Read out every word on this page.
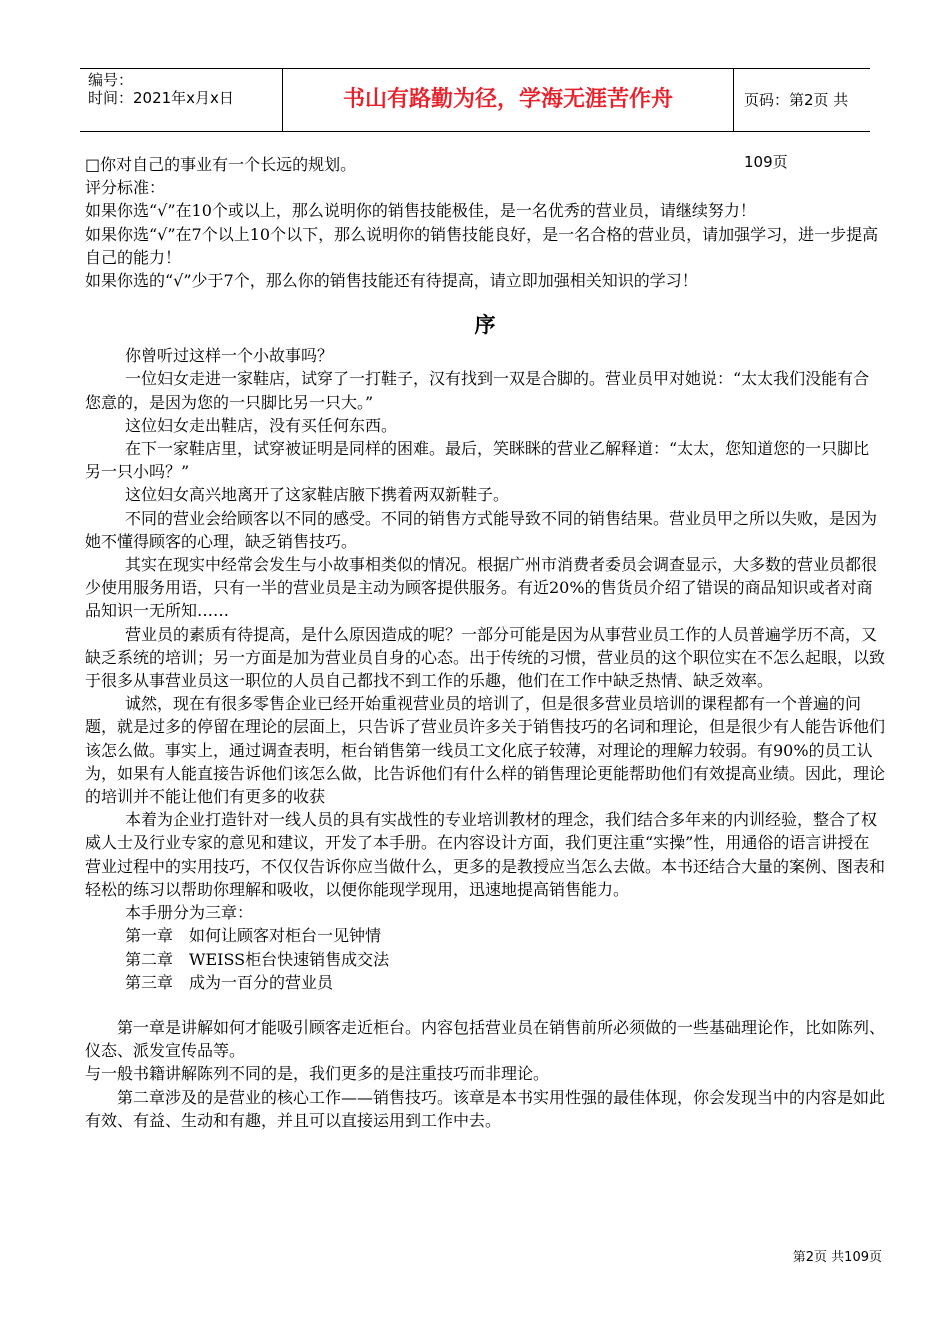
编号：
时间：2021年x月x日	书山有路勤为径，学海无涯苦作舟	页码：第2页 共109页

□你对自己的事业有一个长远的规划。

评分标准：

如果你选“√”在10个或以上，那么说明你的销售技能极佳，是一名优秀的营业员，请继续努力！

如果你选“√”在7个以上10个以下，那么说明你的销售技能良好，是一名合格的营业员，请加强学习，进一步提高自己的能力！

如果你选的“√”少于7个，那么你的销售技能还有待提高，请立即加强相关知识的学习！

序

你曾听过这样一个小故事吗？

一位妇女走进一家鞋店，试穿了一打鞋子，汉有找到一双是合脚的。营业员甲对她说：“太太我们没能有合您意的，是因为您的一只脚比另一只大。”

这位妇女走出鞋店，没有买任何东西。

在下一家鞋店里，试穿被证明是同样的困难。最后，笑眯眯的营业乙解释道：“太太，您知道您的一只脚比另一只小吗？”

这位妇女高兴地离开了这家鞋店腋下携着两双新鞋子。

不同的营业会给顾客以不同的感受。不同的销售方式能导致不同的销售结果。营业员甲之所以失败，是因为她不懂得顾客的心理，缺乏销售技巧。

其实在现实中经常会发生与小故事相类似的情况。根据广州市消费者委员会调查显示，大多数的营业员都很少使用服务用语，只有一半的营业员是主动为顾客提供服务。有近20%的售货员介绍了错误的商品知识或者对商品知识一无所知……

营业员的素质有待提高，是什么原因造成的呢？一部分可能是因为从事营业员工作的人员普遍学历不高，又缺乏系统的培训；另一方面是加为营业员自身的心态。出于传统的习惯，营业员的这个职位实在不怎么起眼，以致于很多从事营业员这一职位的人员自己都找不到工作的乐趣，他们在工作中缺乏热情、缺乏效率。

诚然，现在有很多零售企业已经开始重视营业员的培训了，但是很多营业员培训的课程都有一个普遍的问题，就是过多的停留在理论的层面上，只告诉了营业员许多关于销售技巧的名词和理论，但是很少有人能告诉他们该怎么做。事实上，通过调查表明，柜台销售第一线员工文化底子较薄，对理论的理解力较弱。有90%的员工认为，如果有人能直接告诉他们该怎么做，比告诉他们有什么样的销售理论更能帮助他们有效提高业绩。因此，理论的培训并不能让他们有更多的收获

本着为企业打造针对一线人员的具有实战性的专业培训教材的理念，我们结合多年来的内训经验，整合了权威人士及行业专家的意见和建议，开发了本手册。在内容设计方面，我们更注重“实操”性，用通俗的语言讲授在营业过程中的实用技巧，不仅仅告诉你应当做什么，更多的是教授应当怎么去做。本书还结合大量的案例、图表和轻松的练习以帮助你理解和吸收，以便你能现学现用，迅速地提高销售能力。

本手册分为三章：

第一章　如何让顾客对柜台一见钟情

第二章　WEISS柜台快速销售成交法

第三章　成为一百分的营业员

　　第一章是讲解如何才能吸引顾客走近柜台。内容包括营业员在销售前所必须做的一些基础理论作，比如陈列、仪态、派发宣传品等。

与一般书籍讲解陈列不同的是，我们更多的是注重技巧而非理论。

　　第二章涉及的是营业的核心工作——销售技巧。该章是本书实用性强的最佳体现，你会发现当中的内容是如此有效、有益、生动和有趣，并且可以直接运用到工作中去。

第2页 共109页
